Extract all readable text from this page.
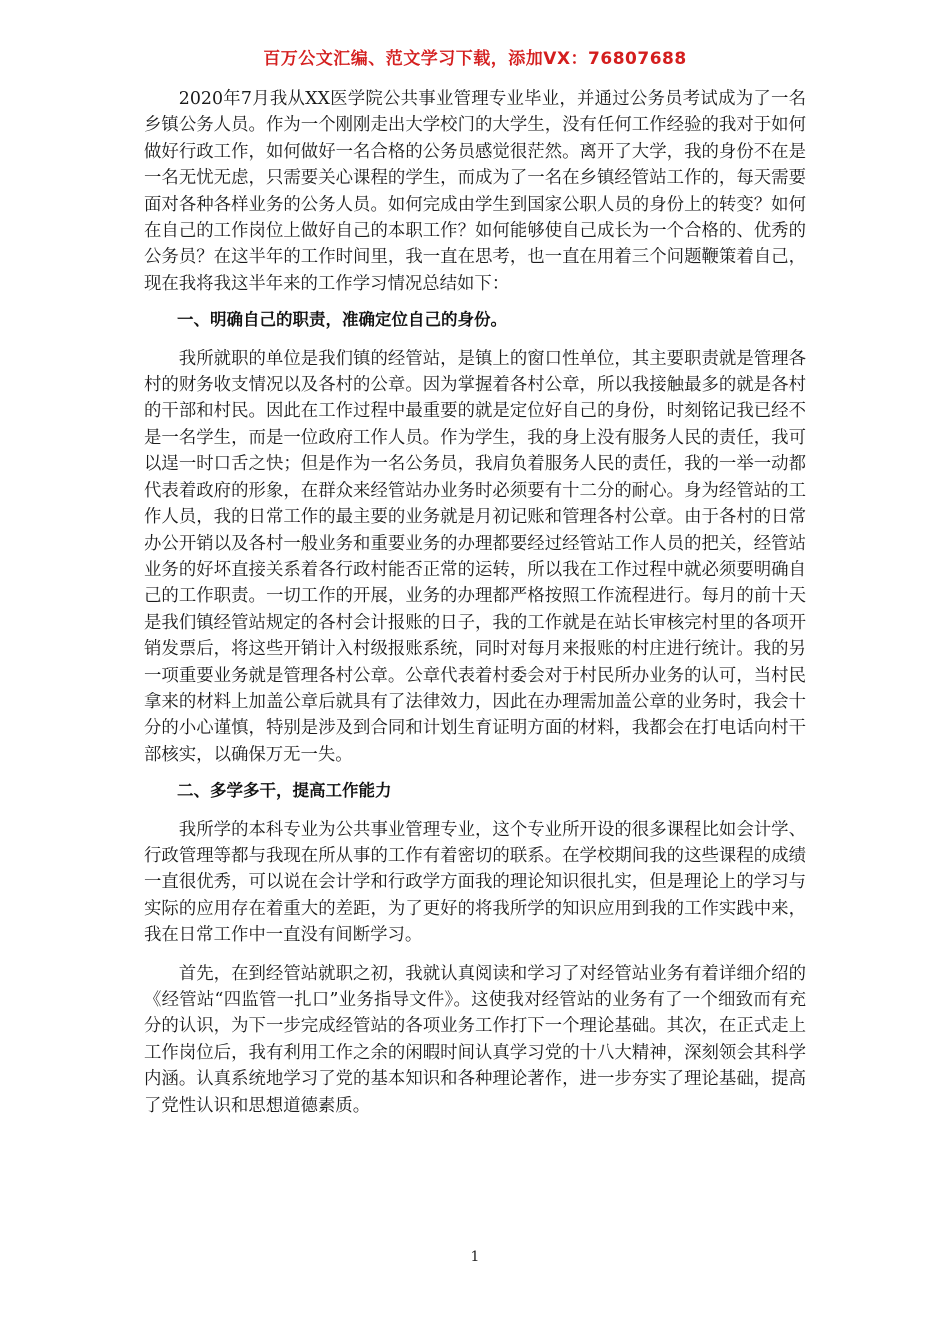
百万公文汇编、范文学习下载，添加VX：76807688

2020年7月我从XX医学院公共事业管理专业毕业，并通过公务员考试成为了一名乡镇公务人员。作为一个刚刚走出大学校门的大学生，没有任何工作经验的我对于如何做好行政工作，如何做好一名合格的公务员感觉很茫然。离开了大学，我的身份不在是一名无忧无虑，只需要关心课程的学生，而成为了一名在乡镇经管站工作的，每天需要面对各种各样业务的公务人员。如何完成由学生到国家公职人员的身份上的转变？如何在自己的工作岗位上做好自己的本职工作？如何能够使自己成长为一个合格的、优秀的公务员？在这半年的工作时间里，我一直在思考，也一直在用着三个问题鞭策着自己，现在我将我这半年来的工作学习情况总结如下：

一、明确自己的职责，准确定位自己的身份。

我所就职的单位是我们镇的经管站，是镇上的窗口性单位，其主要职责就是管理各村的财务收支情况以及各村的公章。因为掌握着各村公章，所以我接触最多的就是各村的干部和村民。因此在工作过程中最重要的就是定位好自己的身份，时刻铭记我已经不是一名学生，而是一位政府工作人员。作为学生，我的身上没有服务人民的责任，我可以逞一时口舌之快；但是作为一名公务员，我肩负着服务人民的责任，我的一举一动都代表着政府的形象，在群众来经管站办业务时必须要有十二分的耐心。身为经管站的工作人员，我的日常工作的最主要的业务就是月初记账和管理各村公章。由于各村的日常办公开销以及各村一般业务和重要业务的办理都要经过经管站工作人员的把关，经管站业务的好坏直接关系着各行政村能否正常的运转，所以我在工作过程中就必须要明确自己的工作职责。一切工作的开展，业务的办理都严格按照工作流程进行。每月的前十天是我们镇经管站规定的各村会计报账的日子，我的工作就是在站长审核完村里的各项开销发票后，将这些开销计入村级报账系统，同时对每月来报账的村庄进行统计。我的另一项重要业务就是管理各村公章。公章代表着村委会对于村民所办业务的认可，当村民拿来的材料上加盖公章后就具有了法律效力，因此在办理需加盖公章的业务时，我会十分的小心谨慎，特别是涉及到合同和计划生育证明方面的材料，我都会在打电话向村干部核实，以确保万无一失。

二、多学多干，提高工作能力

我所学的本科专业为公共事业管理专业，这个专业所开设的很多课程比如会计学、行政管理等都与我现在所从事的工作有着密切的联系。在学校期间我的这些课程的成绩一直很优秀，可以说在会计学和行政学方面我的理论知识很扎实，但是理论上的学习与实际的应用存在着重大的差距，为了更好的将我所学的知识应用到我的工作实践中来，我在日常工作中一直没有间断学习。

首先，在到经管站就职之初，我就认真阅读和学习了对经管站业务有着详细介绍的《经管站“四监管一扎口”业务指导文件》。这使我对经管站的业务有了一个细致而有充分的认识，为下一步完成经管站的各项业务工作打下一个理论基础。其次，在正式走上工作岗位后，我有利用工作之余的闲暇时间认真学习党的十八大精神，深刻领会其科学内涵。认真系统地学习了党的基本知识和各种理论著作，进一步夯实了理论基础，提高了党性认识和思想道德素质。

1
